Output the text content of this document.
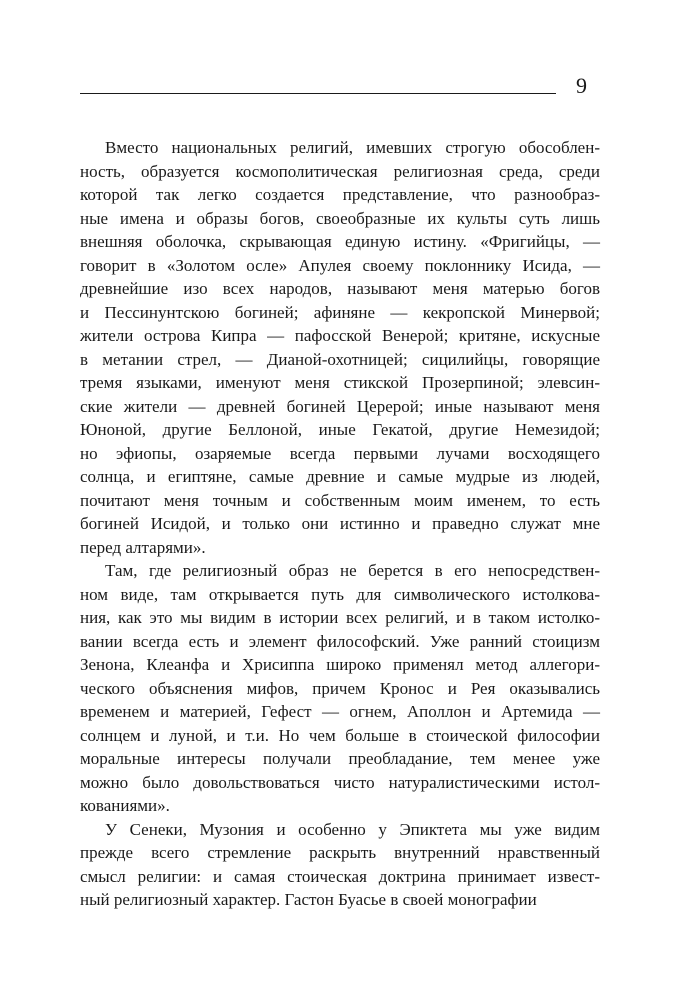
9
Вместо национальных религий, имевших строгую обособлен-
ность, образуется космополитическая религиозная среда, среди
которой так легко создается представление, что разнообраз-
ные имена и образы богов, своеобразные их культы суть лишь
внешняя оболочка, скрывающая единую истину. «Фригийцы, —
говорит в «Золотом осле» Апулея своему поклоннику Исида, —
древнейшие изо всех народов, называют меня матерью богов
и Пессинунтскою богиней; афиняне — кекропской Минервой;
жители острова Кипра — пафосской Венерой; критяне, искусные
в метании стрел, — Дианой-охотницей; сицилийцы, говорящие
тремя языками, именуют меня стикской Прозерпиной; элевсин-
ские жители — древней богиней Церерой; иные называют меня
Юноной, другие Беллоной, иные Гекатой, другие Немезидой;
но эфиопы, озаряемые всегда первыми лучами восходящего
солнца, и египтяне, самые древние и самые мудрые из людей,
почитают меня точным и собственным моим именем, то есть
богиней Исидой, и только они истинно и праведно служат мне
перед алтарями».
Там, где религиозный образ не берется в его непосредствен-
ном виде, там открывается путь для символического истолкова-
ния, как это мы видим в истории всех религий, и в таком истолко-
вании всегда есть и элемент философский. Уже ранний стоицизм
Зенона, Клеанфа и Хрисиппа широко применял метод аллегори-
ческого объяснения мифов, причем Кронос и Рея оказывались
временем и материей, Гефест — огнем, Аполлон и Артемида —
солнцем и луной, и т.и. Но чем больше в стоической философии
моральные интересы получали преобладание, тем менее уже
можно было довольствоваться чисто натуралистическими истол-
кованиями».
У Сенеки, Музония и особенно у Эпиктета мы уже видим
прежде всего стремление раскрыть внутренний нравственный
смысл религии: и самая стоическая доктрина принимает извест-
ный религиозный характер. Гастон Буасье в своей монографии
